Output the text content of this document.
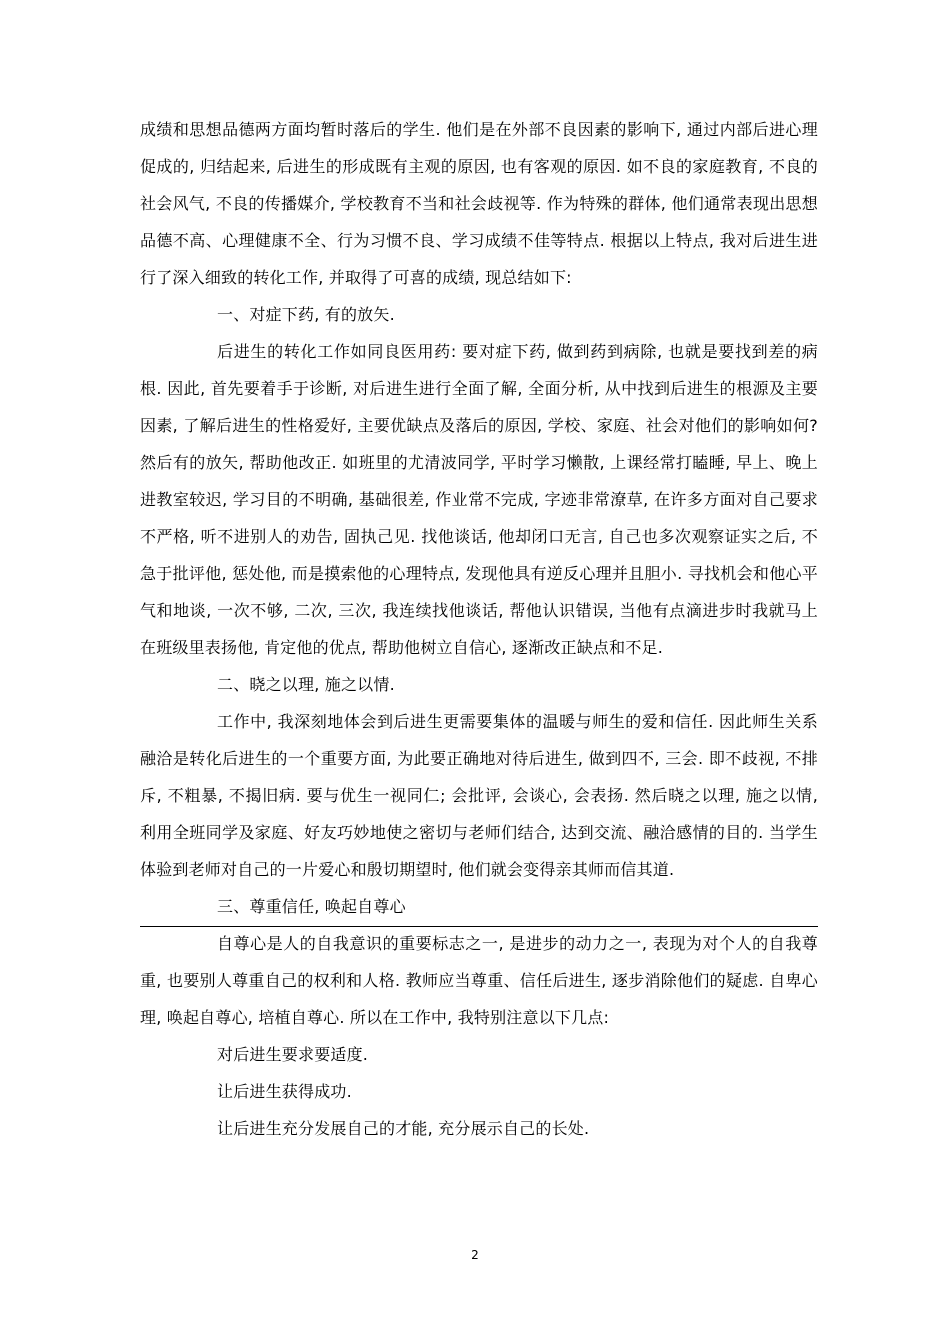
成绩和思想品德两方面均暂时落后的学生. 他们是在外部不良因素的影响下, 通过内部后进心理促成的, 归结起来, 后进生的形成既有主观的原因, 也有客观的原因. 如不良的家庭教育, 不良的社会风气, 不良的传播媒介, 学校教育不当和社会歧视等. 作为特殊的群体, 他们通常表现出思想品德不高、心理健康不全、行为习惯不良、学习成绩不佳等特点. 根据以上特点, 我对后进生进行了深入细致的转化工作, 并取得了可喜的成绩, 现总结如下:

一、对症下药, 有的放矢.

后进生的转化工作如同良医用药: 要对症下药, 做到药到病除, 也就是要找到差的病根. 因此, 首先要着手于诊断, 对后进生进行全面了解, 全面分析, 从中找到后进生的根源及主要因素, 了解后进生的性格爱好, 主要优缺点及落后的原因, 学校、家庭、社会对他们的影响如何? 然后有的放矢, 帮助他改正. 如班里的尤清波同学, 平时学习懒散, 上课经常打瞌睡, 早上、晚上进教室较迟, 学习目的不明确, 基础很差, 作业常不完成, 字迹非常潦草, 在许多方面对自己要求不严格, 听不进别人的劝告, 固执己见. 找他谈话, 他却闭口无言, 自己也多次观察证实之后, 不急于批评他, 惩处他, 而是摸索他的心理特点, 发现他具有逆反心理并且胆小. 寻找机会和他心平气和地谈, 一次不够, 二次, 三次, 我连续找他谈话, 帮他认识错误, 当他有点滴进步时我就马上在班级里表扬他, 肯定他的优点, 帮助他树立自信心, 逐渐改正缺点和不足.

二、晓之以理, 施之以情.

工作中, 我深刻地体会到后进生更需要集体的温暖与师生的爱和信任. 因此师生关系融洽是转化后进生的一个重要方面, 为此要正确地对待后进生, 做到四不, 三会. 即不歧视, 不排斥, 不粗暴, 不揭旧病. 要与优生一视同仁; 会批评, 会谈心, 会表扬. 然后晓之以理, 施之以情, 利用全班同学及家庭、好友巧妙地使之密切与老师们结合, 达到交流、融洽感情的目的. 当学生体验到老师对自己的一片爱心和殷切期望时, 他们就会变得亲其师而信其道.

三、尊重信任, 唤起自尊心

自尊心是人的自我意识的重要标志之一, 是进步的动力之一, 表现为对个人的自我尊重, 也要别人尊重自己的权利和人格. 教师应当尊重、信任后进生, 逐步消除他们的疑虑. 自卑心理, 唤起自尊心, 培植自尊心. 所以在工作中, 我特别注意以下几点:

对后进生要求要适度.

让后进生获得成功.

让后进生充分发展自己的才能, 充分展示自己的长处.

2
